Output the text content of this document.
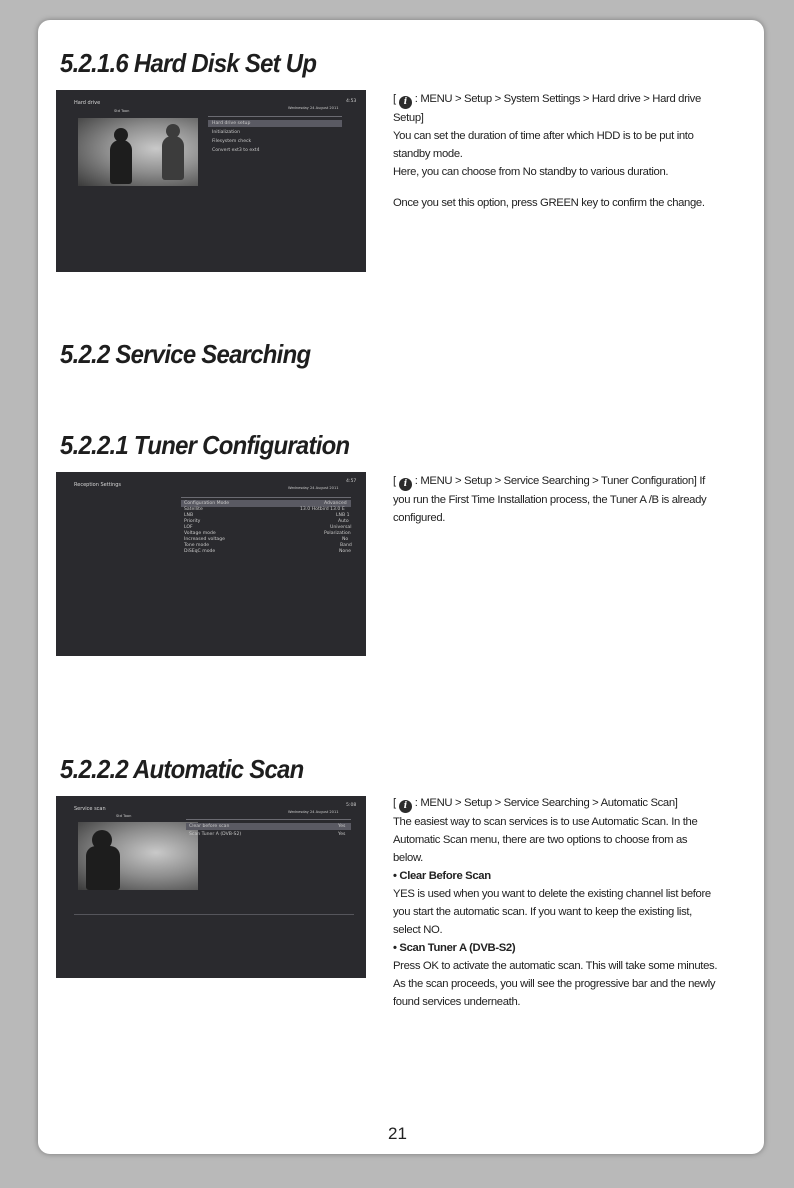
5.2.1.6 Hard Disk Set Up
Hard drive	4:53
Wednesday 24 August 2011
Std Toon
Hard drive setup
Initialization
Filesystem check
Convert ext3 to ext4

[ i : MENU > Setup > System Settings > Hard drive > Hard drive Setup]

You can set the duration of time after which HDD is to be put into standby mode.

Here, you can choose from No standby to various duration.

Once you set this option, press GREEN key to confirm the change.

5.2.2 Service Searching
5.2.2.1 Tuner Configuration
Reception Settings
4:57
Wednesday 24 August 2011
Configuration Mode	Advanced
Satellite	13.0 Hotbird 13.0 E
LNB	LNB 1
Priority	Auto
LOF	Universal
Voltage mode	Polarization
Increased voltage	No
Tone mode	Band
DiSEqC mode	None

[ i : MENU > Setup > Service Searching > Tuner Configuration] If you run the First Time Installation process, the Tuner A /B is already configured.

5.2.2.2 Automatic Scan
Service scan
5:08
Wednesday 24 August 2011
Std Toon
Clear before scan	Yes
Scan Tuner A (DVB-S2)	Yes

[ i : MENU > Setup > Service Searching > Automatic Scan]

The easiest way to scan services is to use Automatic Scan. In the Automatic Scan menu, there are two options to choose from as below.

• Clear Before Scan

YES is used when you want to delete the existing channel list before you start the automatic scan. If you want to keep the existing list, select NO.

• Scan Tuner A (DVB-S2)

Press OK to activate the automatic scan. This will take some minutes. As the scan proceeds, you will see the progressive bar and the newly found services underneath.

21
